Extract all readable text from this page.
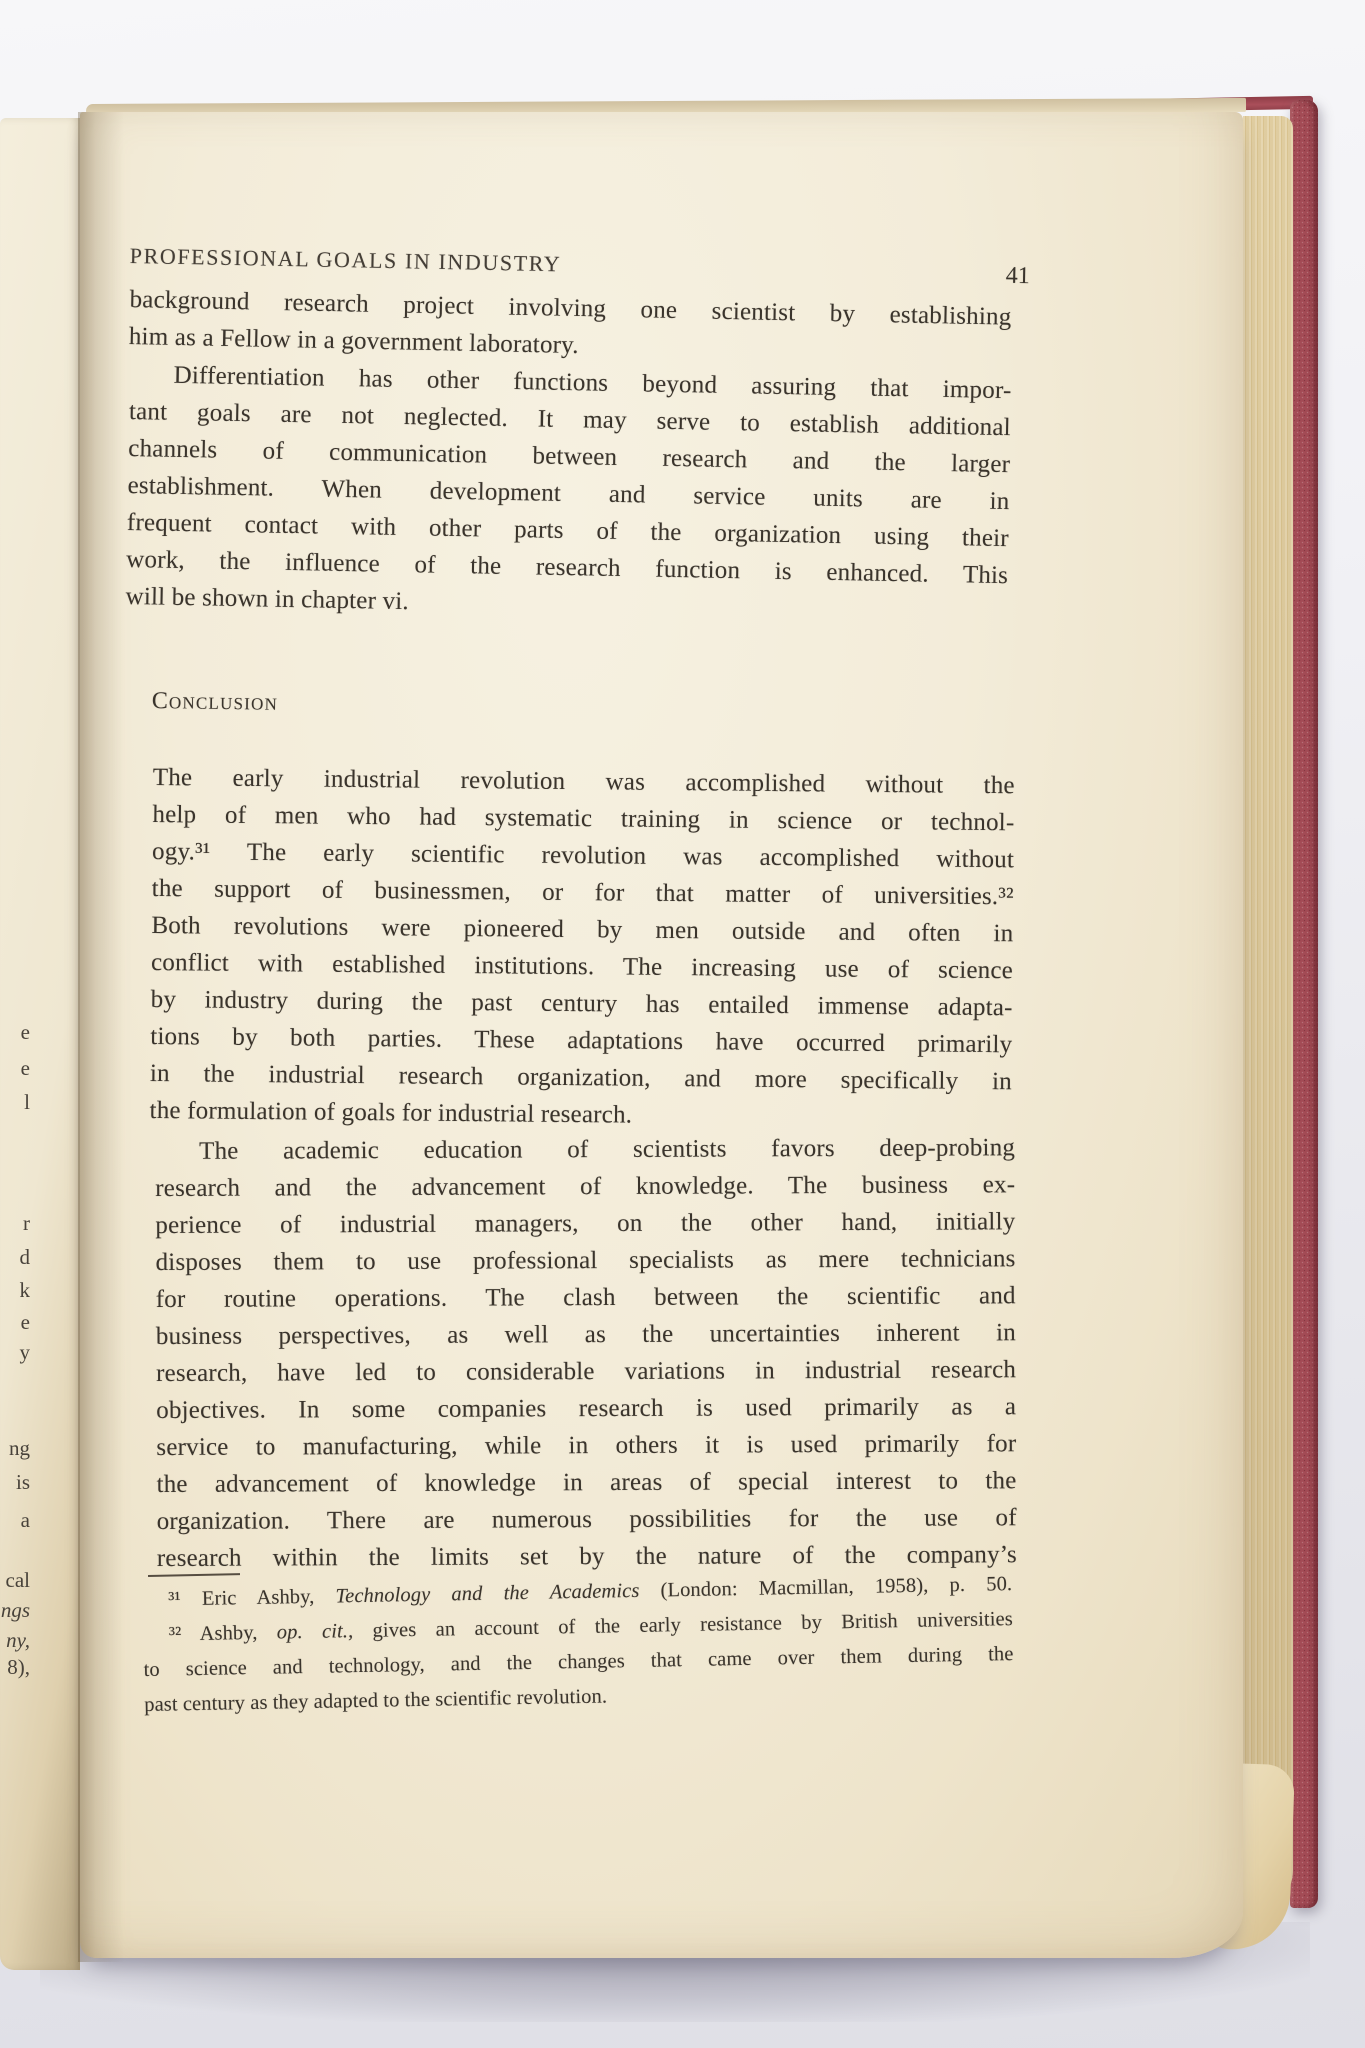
e
e
l
r
d
k
e
y
ng
is
a
cal
ngs
ny,
8),
PROFESSIONAL GOALS IN INDUSTRY	41
background research project involving one scientist by establishing
him as a Fellow in a government laboratory.
Differentiation has other functions beyond assuring that impor-
tant goals are not neglected. It may serve to establish additional
channels of communication between research and the larger
establishment. When development and service units are in
frequent contact with other parts of the organization using their
work, the influence of the research function is enhanced. This
will be shown in chapter vi.
Conclusion
The early industrial revolution was accomplished without the
help of men who had systematic training in science or technol-
ogy.³¹ The early scientific revolution was accomplished without
the support of businessmen, or for that matter of universities.³²
Both revolutions were pioneered by men outside and often in
conflict with established institutions. The increasing use of science
by industry during the past century has entailed immense adapta-
tions by both parties. These adaptations have occurred primarily
in the industrial research organization, and more specifically in
the formulation of goals for industrial research.
The academic education of scientists favors deep-probing
research and the advancement of knowledge. The business ex-
perience of industrial managers, on the other hand, initially
disposes them to use professional specialists as mere technicians
for routine operations. The clash between the scientific and
business perspectives, as well as the uncertainties inherent in
research, have led to considerable variations in industrial research
objectives. In some companies research is used primarily as a
service to manufacturing, while in others it is used primarily for
the advancement of knowledge in areas of special interest to the
organization. There are numerous possibilities for the use of
research within the limits set by the nature of the company’s
³¹ Eric Ashby, Technology and the Academics (London: Macmillan, 1958), p. 50.
³² Ashby, op. cit., gives an account of the early resistance by British universities
to science and technology, and the changes that came over them during the
past century as they adapted to the scientific revolution.
